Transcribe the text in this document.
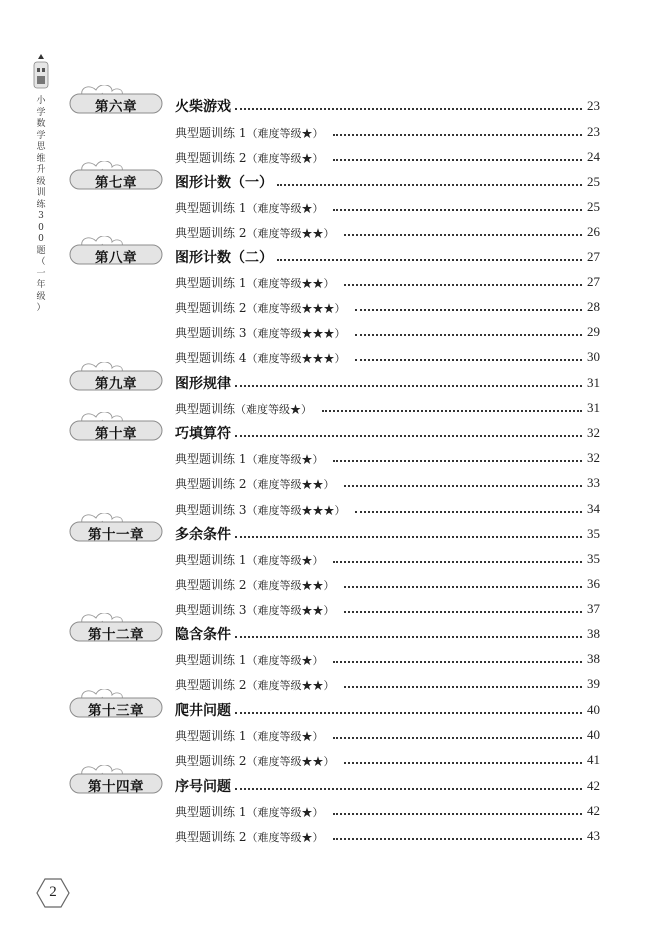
小
学
数
学
思
维
升
级
训
练
3
0
0
题
（
一
年
级
）
第六章	火柴游戏	23
典型题训练 1（难度等级★）	23
典型题训练 2（难度等级★）	24
第七章	图形计数（一）	25
典型题训练 1（难度等级★）	25
典型题训练 2（难度等级★★）	26
第八章	图形计数（二）	27
典型题训练 1（难度等级★★）	27
典型题训练 2（难度等级★★★）	28
典型题训练 3（难度等级★★★）	29
典型题训练 4（难度等级★★★）	30
第九章	图形规律	31
典型题训练（难度等级★）	31
第十章	巧填算符	32
典型题训练 1（难度等级★）	32
典型题训练 2（难度等级★★）	33
典型题训练 3（难度等级★★★）	34
第十一章	多余条件	35
典型题训练 1（难度等级★）	35
典型题训练 2（难度等级★★）	36
典型题训练 3（难度等级★★）	37
第十二章	隐含条件	38
典型题训练 1（难度等级★）	38
典型题训练 2（难度等级★★）	39
第十三章	爬井问题	40
典型题训练 1（难度等级★）	40
典型题训练 2（难度等级★★）	41
第十四章	序号问题	42
典型题训练 1（难度等级★）	42
典型题训练 2（难度等级★）	43
2
